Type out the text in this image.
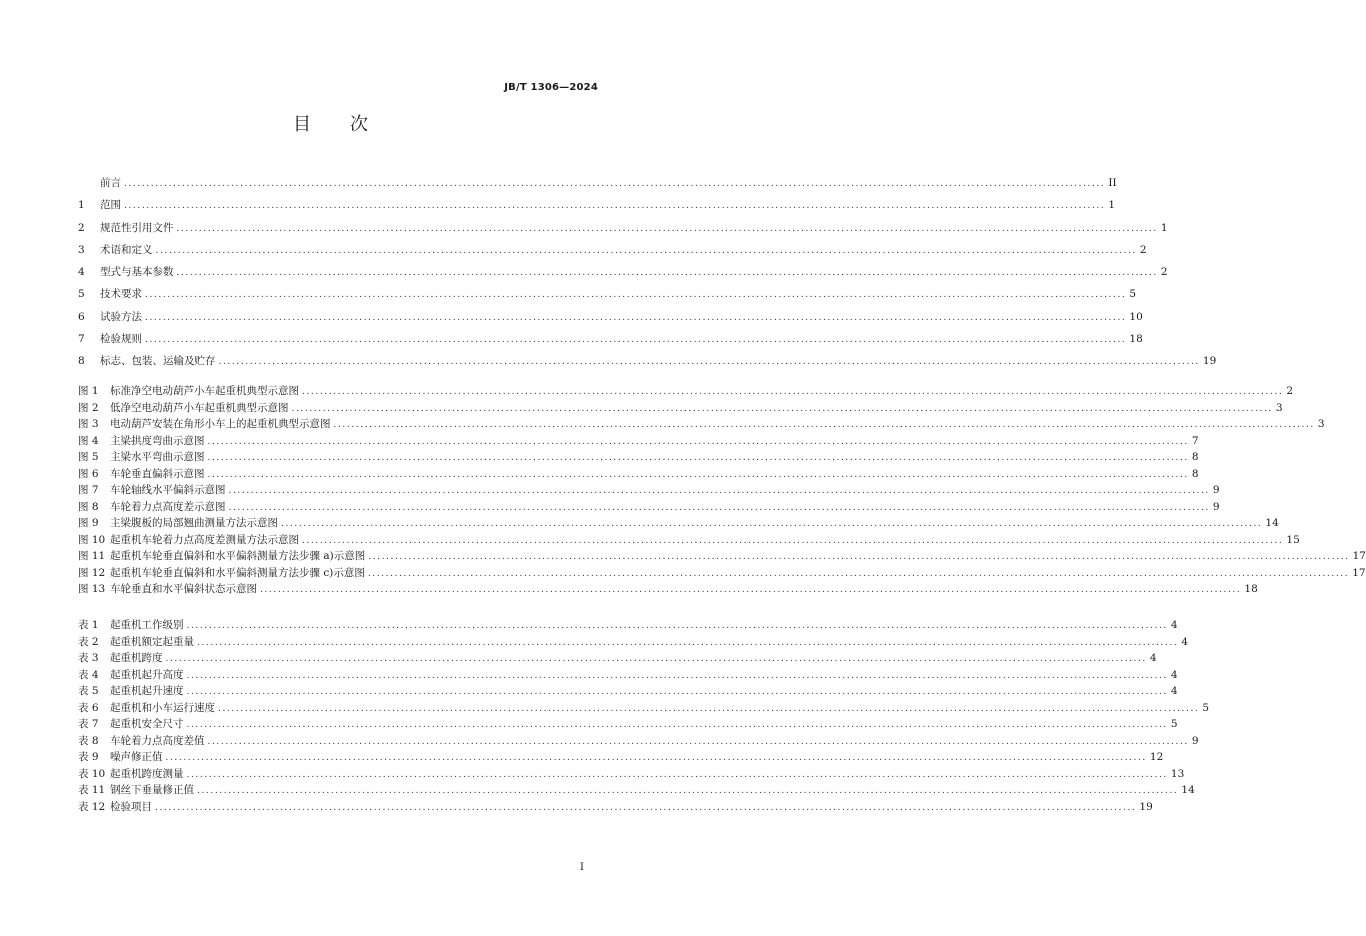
JB/T 1306—2024
目　　次
前言 ............................................................................................................................................................................................................................ II
1	范围 ............................................................................................................................................................................................................................ 1
2	规范性引用文件 ............................................................................................................................................................................................................................ 1
3	术语和定义 ............................................................................................................................................................................................................................ 2
4	型式与基本参数 ............................................................................................................................................................................................................................ 2
5	技术要求 ............................................................................................................................................................................................................................ 5
6	试验方法 ............................................................................................................................................................................................................................ 10
7	检验规则 ............................................................................................................................................................................................................................ 18
8	标志、包装、运输及贮存 ............................................................................................................................................................................................................................ 19
图 1	标准净空电动葫芦小车起重机典型示意图 ............................................................................................................................................................................................................................ 2
图 2	低净空电动葫芦小车起重机典型示意图 ............................................................................................................................................................................................................................ 3
图 3	电动葫芦安装在角形小车上的起重机典型示意图 ............................................................................................................................................................................................................................ 3
图 4	主梁拱度弯曲示意图 ............................................................................................................................................................................................................................ 7
图 5	主梁水平弯曲示意图 ............................................................................................................................................................................................................................ 8
图 6	车轮垂直偏斜示意图 ............................................................................................................................................................................................................................ 8
图 7	车轮轴线水平偏斜示意图 ............................................................................................................................................................................................................................ 9
图 8	车轮着力点高度差示意图 ............................................................................................................................................................................................................................ 9
图 9	主梁腹板的局部翘曲测量方法示意图 ............................................................................................................................................................................................................................ 14
图 10 起重机车轮着力点高度差测量方法示意图 ............................................................................................................................................................................................................................ 15
图 11 起重机车轮垂直偏斜和水平偏斜测量方法步骤 a)示意图 ............................................................................................................................................................................................................................ 17
图 12 起重机车轮垂直偏斜和水平偏斜测量方法步骤 c)示意图 ............................................................................................................................................................................................................................ 17
图 13 车轮垂直和水平偏斜状态示意图 ............................................................................................................................................................................................................................ 18
表 1	起重机工作级别 ............................................................................................................................................................................................................................ 4
表 2	起重机额定起重量 ............................................................................................................................................................................................................................ 4
表 3	起重机跨度 ............................................................................................................................................................................................................................ 4
表 4	起重机起升高度 ............................................................................................................................................................................................................................ 4
表 5	起重机起升速度 ............................................................................................................................................................................................................................ 4
表 6	起重机和小车运行速度 ............................................................................................................................................................................................................................ 5
表 7	起重机安全尺寸 ............................................................................................................................................................................................................................ 5
表 8	车轮着力点高度差值 ............................................................................................................................................................................................................................ 9
表 9	噪声修正值 ............................................................................................................................................................................................................................ 12
表 10 起重机跨度测量 ............................................................................................................................................................................................................................ 13
表 11 钢丝下垂量修正值 ............................................................................................................................................................................................................................ 14
表 12 检验项目 ............................................................................................................................................................................................................................ 19
I
